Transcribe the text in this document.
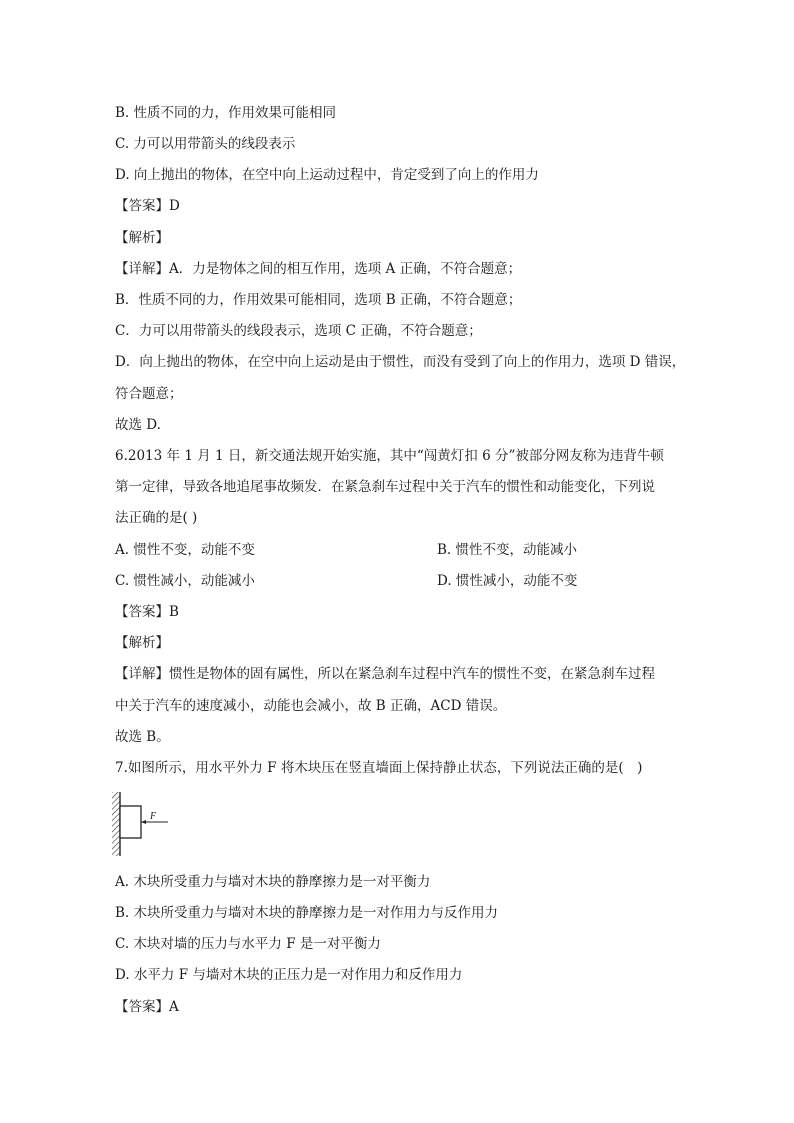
B. 性质不同的力，作用效果可能相同
C. 力可以用带箭头的线段表示
D. 向上抛出的物体，在空中向上运动过程中，肯定受到了向上的作用力
【答案】D
【解析】
【详解】A．力是物体之间的相互作用，选项 A 正确，不符合题意；
B．性质不同的力，作用效果可能相同，选项 B 正确，不符合题意；
C．力可以用带箭头的线段表示，选项 C 正确，不符合题意；
D．向上抛出的物体，在空中向上运动是由于惯性，而没有受到了向上的作用力，选项 D 错误，
符合题意；
故选 D.
6.2013 年 1 月 1 日，新交通法规开始实施，其中“闯黄灯扣 6 分”被部分网友称为违背牛顿
第一定律，导致各地追尾事故频发．在紧急刹车过程中关于汽车的惯性和动能变化，下列说
法正确的是( )
A. 惯性不变，动能不变	B. 惯性不变，动能减小
C. 惯性减小，动能减小	D. 惯性减小，动能不变
【答案】B
【解析】
【详解】惯性是物体的固有属性，所以在紧急刹车过程中汽车的惯性不变，在紧急刹车过程
中关于汽车的速度减小，动能也会减小，故 B 正确，ACD 错误。
故选 B。
7.如图所示，用水平外力 F 将木块压在竖直墙面上保持静止状态，下列说法正确的是(　)
F
A. 木块所受重力与墙对木块的静摩擦力是一对平衡力
B. 木块所受重力与墙对木块的静摩擦力是一对作用力与反作用力
C. 木块对墙的压力与水平力 F 是一对平衡力
D. 水平力 F 与墙对木块的正压力是一对作用力和反作用力
【答案】A
